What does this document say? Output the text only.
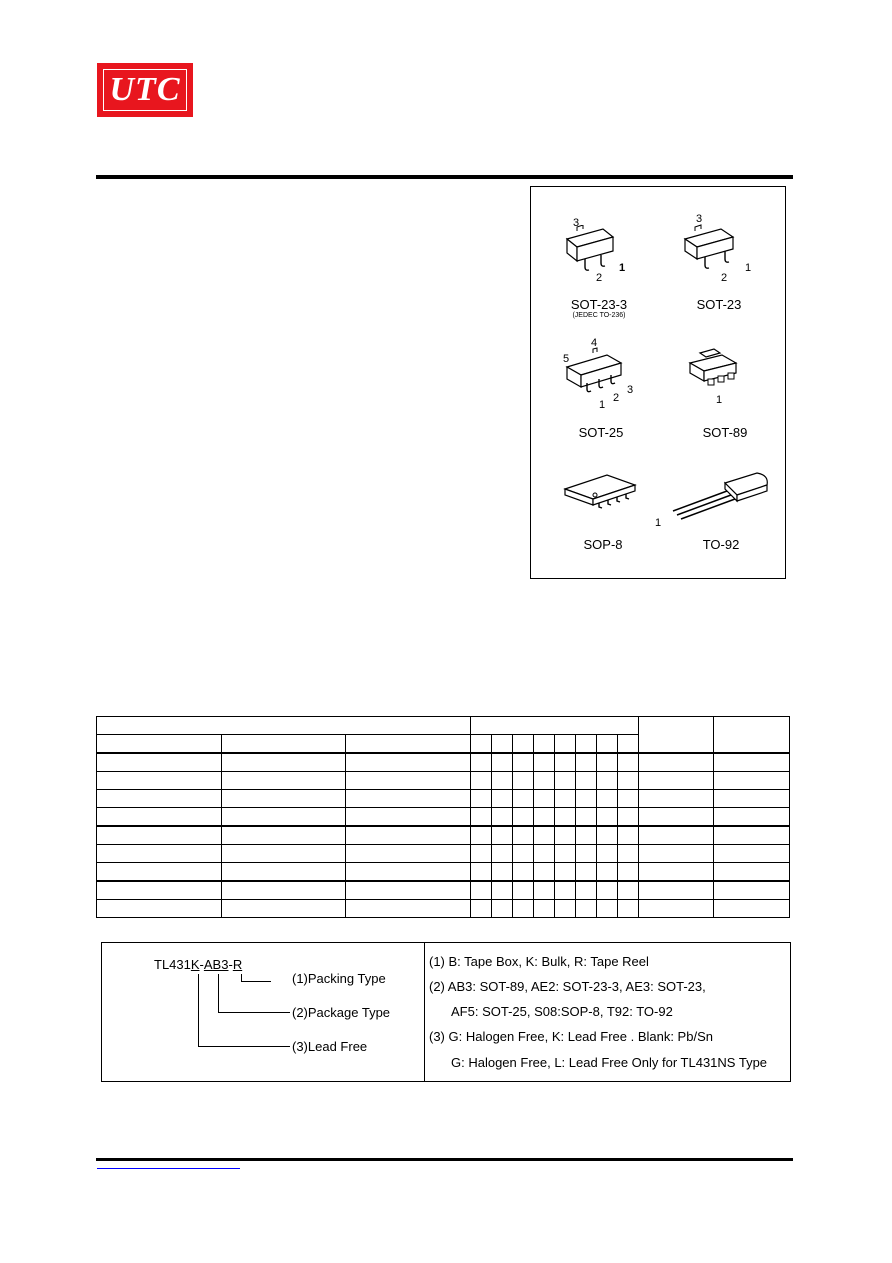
UTC
3
2
1
SOT-23-3
(JEDEC TO-236)
3
2
1
SOT-23
4
5
1
2
3
SOT-25
1
SOT-89
SOP-8
1
TO-92

TL431K-AB3-R
(1)Packing Type
(2)Package Type
(3)Lead Free
(1) B: Tape Box, K: Bulk, R: Tape Reel
(2) AB3: SOT-89, AE2: SOT-23-3, AE3: SOT-23,
AF5: SOT-25, S08:SOP-8, T92: TO-92
(3) G: Halogen Free, K: Lead Free . Blank: Pb/Sn
G: Halogen Free, L: Lead Free Only for TL431NS Type
